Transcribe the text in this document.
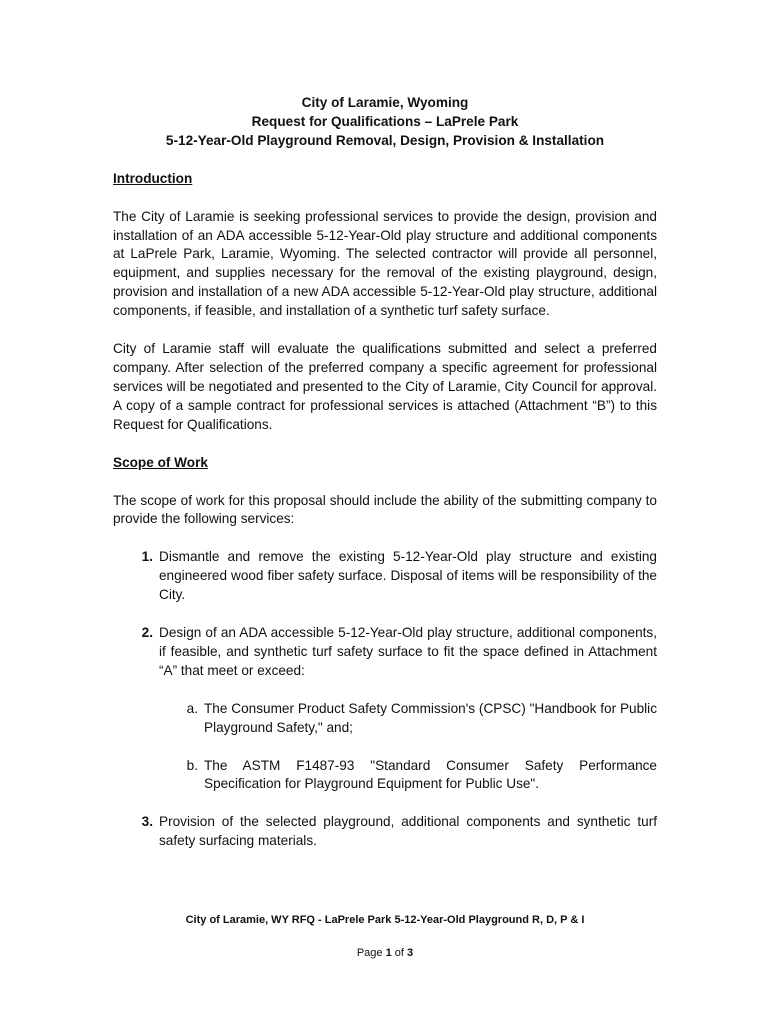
City of Laramie, Wyoming
Request for Qualifications – LaPrele Park
5-12-Year-Old Playground Removal, Design, Provision & Installation
Introduction

The City of Laramie is seeking professional services to provide the design, provision and installation of an ADA accessible 5-12-Year-Old play structure and additional components at LaPrele Park, Laramie, Wyoming. The selected contractor will provide all personnel, equipment, and supplies necessary for the removal of the existing playground, design, provision and installation of a new ADA accessible 5-12-Year-Old play structure, additional components, if feasible, and installation of a synthetic turf safety surface.

City of Laramie staff will evaluate the qualifications submitted and select a preferred company. After selection of the preferred company a specific agreement for professional services will be negotiated and presented to the City of Laramie, City Council for approval. A copy of a sample contract for professional services is attached (Attachment “B”) to this Request for Qualifications.

Scope of Work

The scope of work for this proposal should include the ability of the submitting company to provide the following services:

1. Dismantle and remove the existing 5-12-Year-Old play structure and existing engineered wood fiber safety surface. Disposal of items will be responsibility of the City.
2. Design of an ADA accessible 5-12-Year-Old play structure, additional components, if feasible, and synthetic turf safety surface to fit the space defined in Attachment “A” that meet or exceed:
a. The Consumer Product Safety Commission's (CPSC) "Handbook for Public Playground Safety," and;
b. The ASTM F1487-93 "Standard Consumer Safety Performance Specification for Playground Equipment for Public Use".
3. Provision of the selected playground, additional components and synthetic turf safety surfacing materials.
City of Laramie, WY RFQ - LaPrele Park 5-12-Year-Old Playground R, D, P & I
Page 1 of 3
